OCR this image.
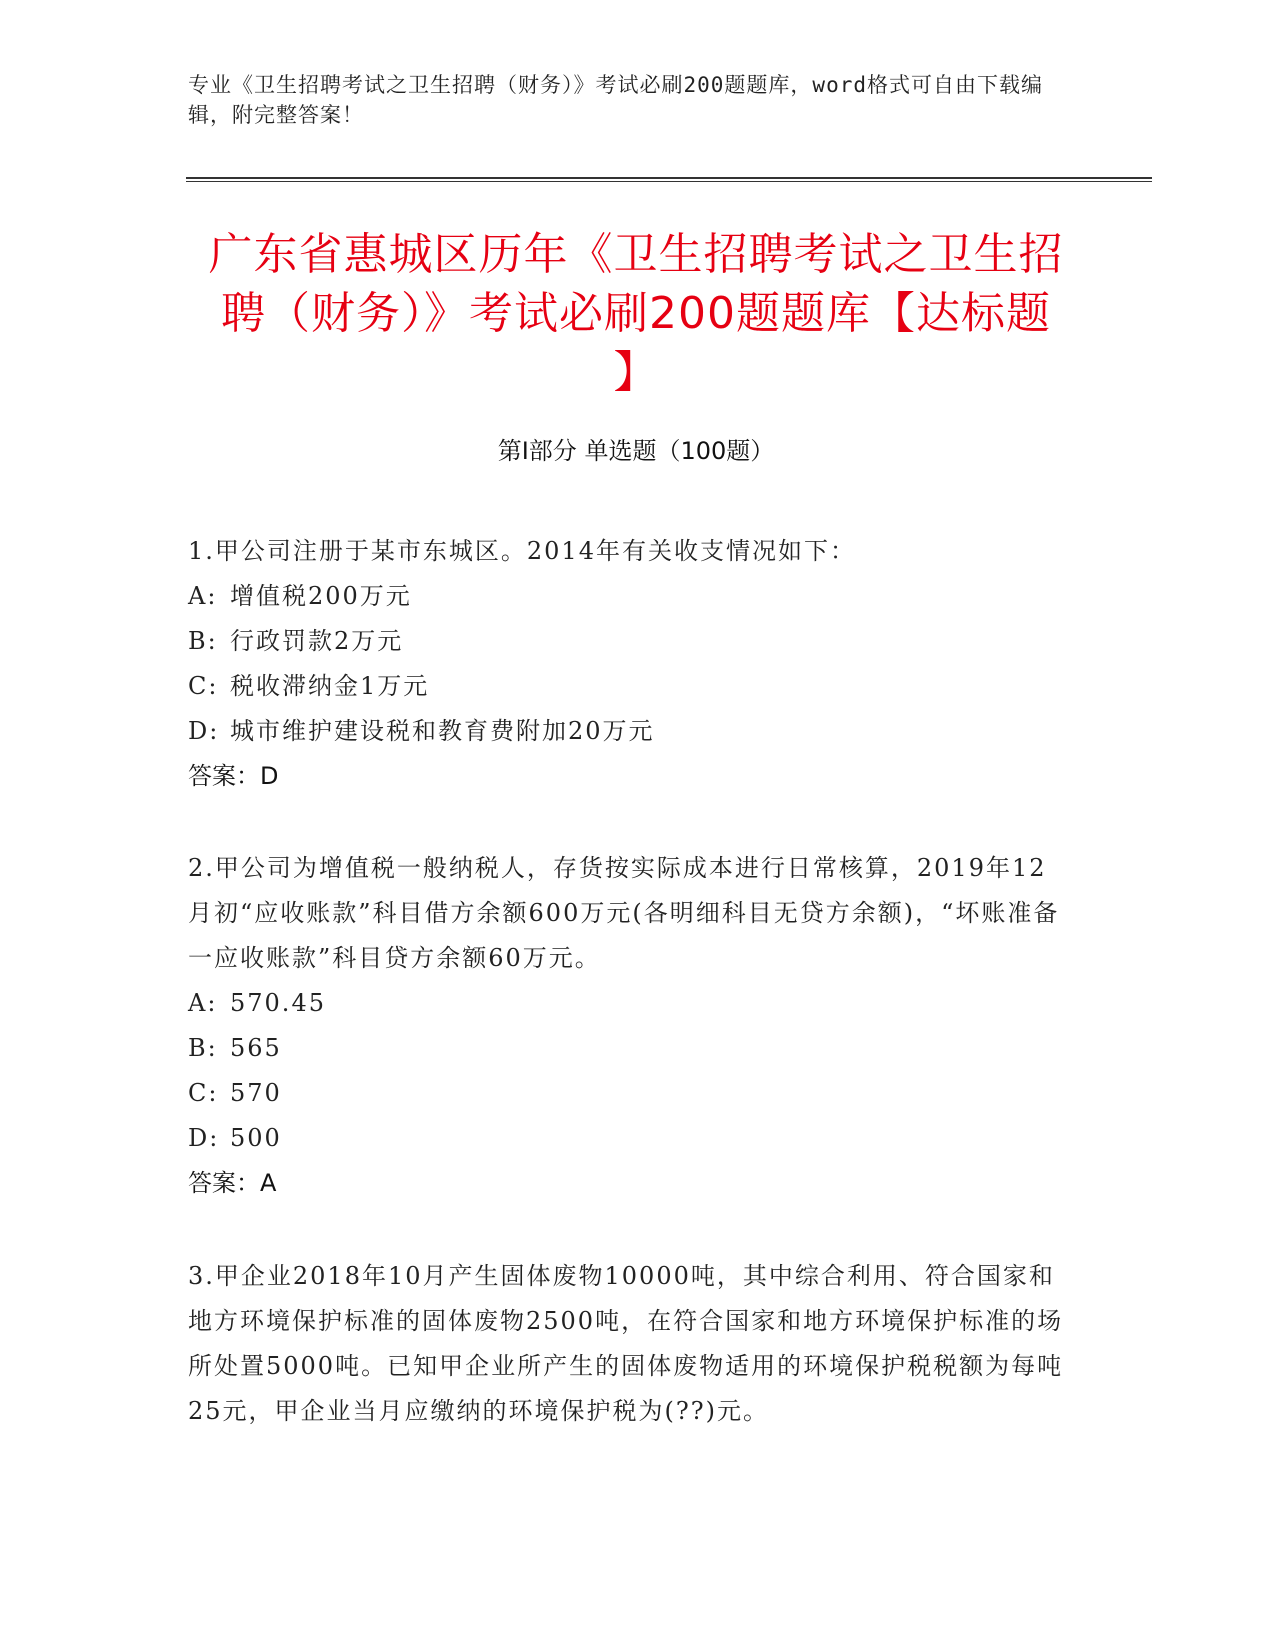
专业《卫生招聘考试之卫生招聘（财务）》考试必刷200题题库，word格式可自由下载编辑，附完整答案！
广东省惠城区历年《卫生招聘考试之卫生招
聘（财务）》考试必刷200题题库【达标题
】
第I部分 单选题（100题）
1.甲公司注册于某市东城区。2014年有关收支情况如下：
A: 增值税200万元
B: 行政罚款2万元
C: 税收滞纳金1万元
D: 城市维护建设税和教育费附加20万元
答案：D
2.甲公司为增值税一般纳税人，存货按实际成本进行日常核算，2019年12月初“应收账款”科目借方余额600万元(各明细科目无贷方余额)，“坏账准备一应收账款”科目贷方余额60万元。
A: 570.45
B: 565
C: 570
D: 500
答案：A
3.甲企业2018年10月产生固体废物10000吨，其中综合利用、符合国家和地方环境保护标准的固体废物2500吨，在符合国家和地方环境保护标准的场所处置5000吨。已知甲企业所产生的固体废物适用的环境保护税税额为每吨25元，甲企业当月应缴纳的环境保护税为(??)元。
